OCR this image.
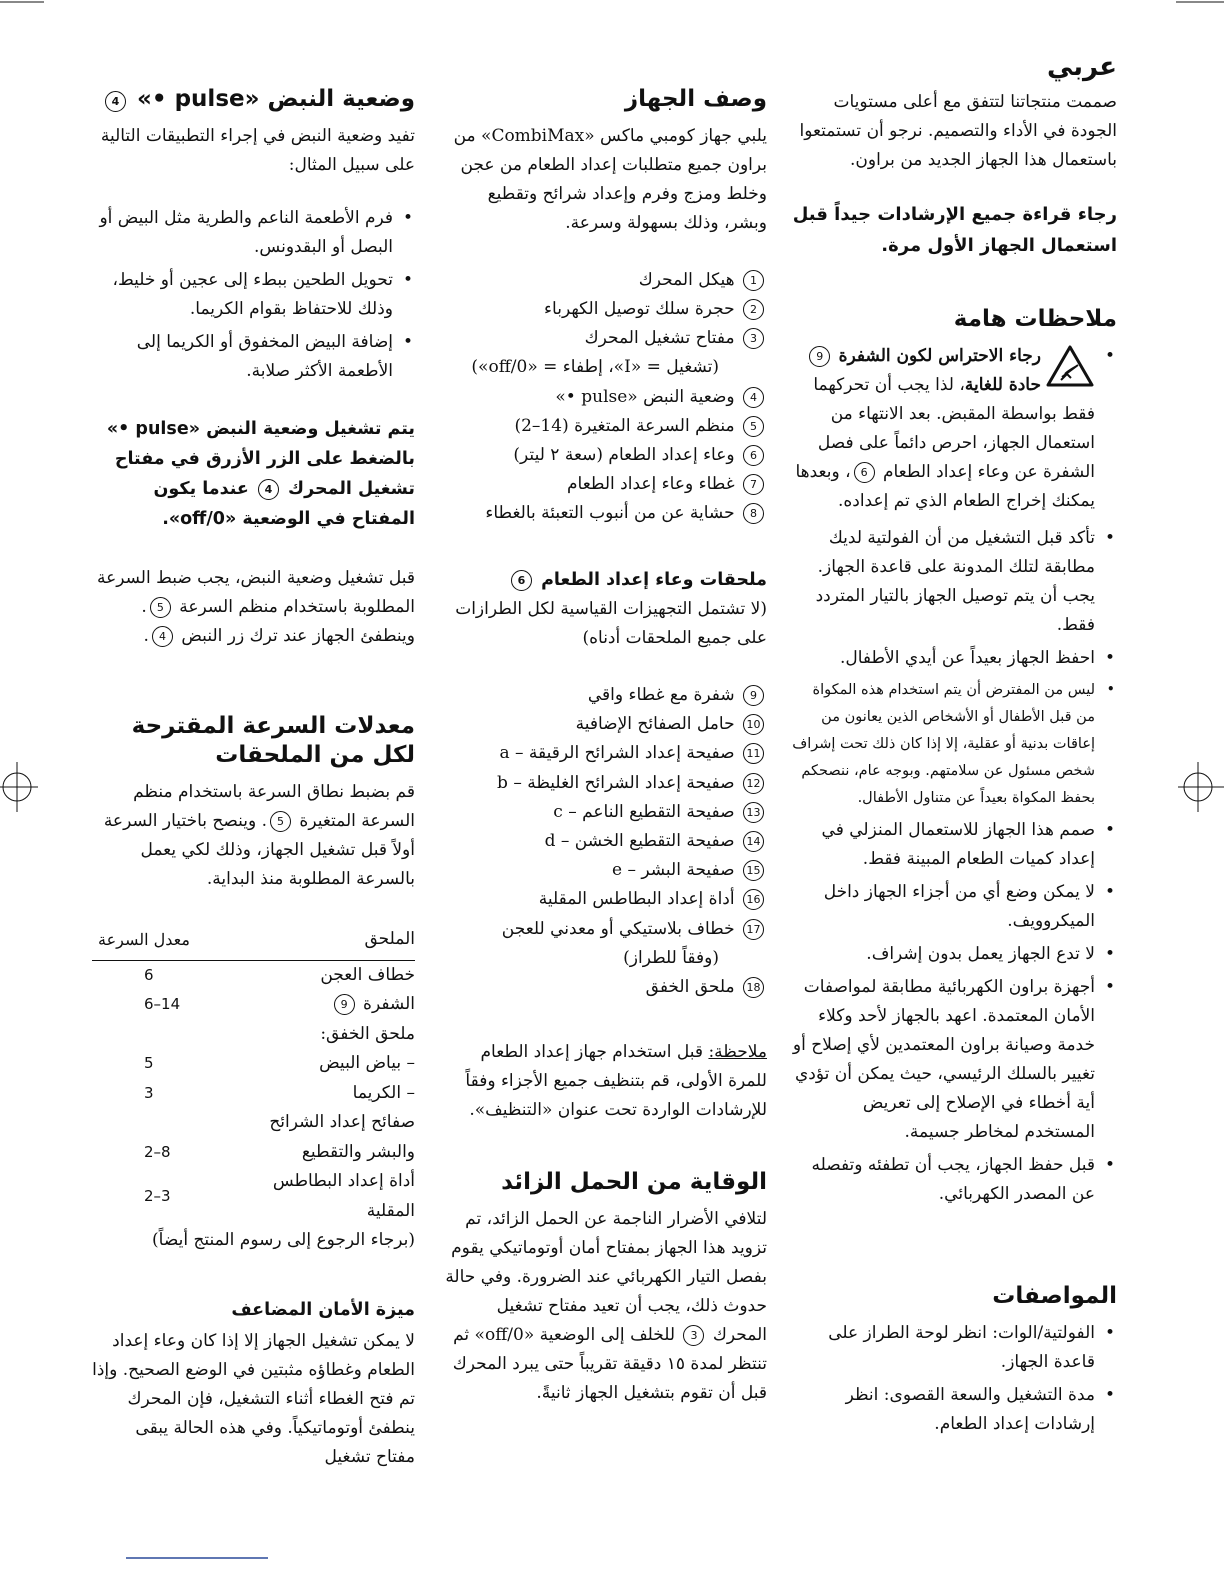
عربي

صممت منتجاتنا لتتفق مع أعلى مستويات الجودة في الأداء والتصميم. نرجو أن تستمتعوا باستعمال هذا الجهاز الجديد من براون.

رجاء قراءة جميع الإرشادات جيداً قبل استعمال الجهاز الأول مرة.
ملاحظات هامة
• رجاء الاحتراس لكون الشفرة 9 حادة للغاية، لذا يجب أن تحركهما فقط بواسطة المقبض. بعد الانتهاء من استعمال الجهاز، احرص دائماً على فصل الشفرة عن وعاء إعداد الطعام 6، وبعدها يمكنك إخراج الطعام الذي تم إعداده.
• تأكد قبل التشغيل من أن الفولتية لديك مطابقة لتلك المدونة على قاعدة الجهاز. يجب أن يتم توصيل الجهاز بالتيار المتردد فقط.
• احفظ الجهاز بعيداً عن أيدي الأطفال.
• ليس من المفترض أن يتم استخدام هذه المكواة من قبل الأطفال أو الأشخاص الذين يعانون من إعاقات بدنية أو عقلية، إلا إذا كان ذلك تحت إشراف شخص مسئول عن سلامتهم. وبوجه عام، ننصحكم بحفظ المكواة بعيداً عن متناول الأطفال.
• صمم هذا الجهاز للاستعمال المنزلي في إعداد كميات الطعام المبينة فقط.
• لا يمكن وضع أي من أجزاء الجهاز داخل الميكروويف.
• لا تدع الجهاز يعمل بدون إشراف.
• أجهزة براون الكهربائية مطابقة لمواصفات الأمان المعتمدة. اعهد بالجهاز لأحد وكلاء خدمة وصيانة براون المعتمدين لأي إصلاح أو تغيير بالسلك الرئيسي، حيث يمكن أن تؤدي أية أخطاء في الإصلاح إلى تعريض المستخدم لمخاطر جسيمة.
• قبل حفظ الجهاز، يجب أن تطفئه وتفصله عن المصدر الكهربائي.
المواصفات
• الفولتية/الوات: انظر لوحة الطراز على قاعدة الجهاز.
• مدة التشغيل والسعة القصوى: انظر إرشادات إعداد الطعام.
وصف الجهاز

يلبي جهاز كومبي ماكس «CombiMax» من براون جميع متطلبات إعداد الطعام من عجن وخلط ومزج وفرم وإعداد شرائح وتقطيع وبشر، وذلك بسهولة وسرعة.

1 هيكل المحرك
2 حجرة سلك توصيل الكهرباء
3 مفتاح تشغيل المحرك
(تشغيل = «I»، إطفاء = «off/0»)
4 وضعية النبض «pulse •»
5 منظم السرعة المتغيرة (14–2)
6 وعاء إعداد الطعام (سعة ٢ ليتر)
7 غطاء وعاء إعداد الطعام
8 حشاية عن من أنبوب التعبئة بالغطاء
ملحقات وعاء إعداد الطعام 6

(لا تشتمل التجهيزات القياسية لكل الطرازات على جميع الملحقات أدناه)

9 شفرة مع غطاء واقي
10 حامل الصفائح الإضافية
11 صفيحة إعداد الشرائح الرقيقة – a
12 صفيحة إعداد الشرائح الغليظة – b
13 صفيحة التقطيع الناعم – c
14 صفيحة التقطيع الخشن – d
15 صفيحة البشر – e
16 أداة إعداد البطاطس المقلية
17 خطاف بلاستيكي أو معدني للعجن
(وفقاً للطراز)
18 ملحق الخفق

ملاحظة: قبل استخدام جهاز إعداد الطعام للمرة الأولى، قم بتنظيف جميع الأجزاء وفقاً للإرشادات الواردة تحت عنوان «التنظيف».

الوقاية من الحمل الزائد

لتلافي الأضرار الناجمة عن الحمل الزائد، تم تزويد هذا الجهاز بمفتاح أمان أوتوماتيكي يقوم بفصل التيار الكهربائي عند الضرورة. وفي حالة حدوث ذلك، يجب أن تعيد مفتاح تشغيل المحرك 3 للخلف إلى الوضعية «off/0» ثم تنتظر لمدة ١٥ دقيقة تقريباً حتى يبرد المحرك قبل أن تقوم بتشغيل الجهاز ثانيةً.

وضعية النبض «pulse •» 4

تفيد وضعية النبض في إجراء التطبيقات التالية على سبيل المثال:

• فرم الأطعمة الناعم والطرية مثل البيض أو البصل أو البقدونس.
• تحويل الطحين ببطء إلى عجين أو خليط، وذلك للاحتفاظ بقوام الكريما.
• إضافة البيض المخفوق أو الكريما إلى الأطعمة الأكثر صلابة.
يتم تشغيل وضعية النبض «pulse •» بالضغط على الزر الأزرق في مفتاح تشغيل المحرك 4 عندما يكون المفتاح في الوضعية «off/0».

قبل تشغيل وضعية النبض، يجب ضبط السرعة المطلوبة باستخدام منظم السرعة 5. وينطفئ الجهاز عند ترك زر النبض 4.

معدلات السرعة المقترحة لكل من الملحقات

قم بضبط نطاق السرعة باستخدام منظم السرعة المتغيرة 5. وينصح باختيار السرعة أولاً قبل تشغيل الجهاز، وذلك لكي يعمل بالسرعة المطلوبة منذ البداية.

الملحق	معدل السرعة
خطاف العجن	6
الشفرة 9	6–14
ملحق الخفق:	
– بياض البيض	5
– الكريما	3
صفائح إعداد الشرائح	
والبشر والتقطيع	2–8
أداة إعداد البطاطس المقلية	2–3

(برجاء الرجوع إلى رسوم المنتج أيضاً)

ميزة الأمان المضاعف

لا يمكن تشغيل الجهاز إلا إذا كان وعاء إعداد الطعام وغطاؤه مثبتين في الوضع الصحيح. وإذا تم فتح الغطاء أثناء التشغيل، فإن المحرك ينطفئ أوتوماتيكياً. وفي هذه الحالة يبقى مفتاح تشغيل
